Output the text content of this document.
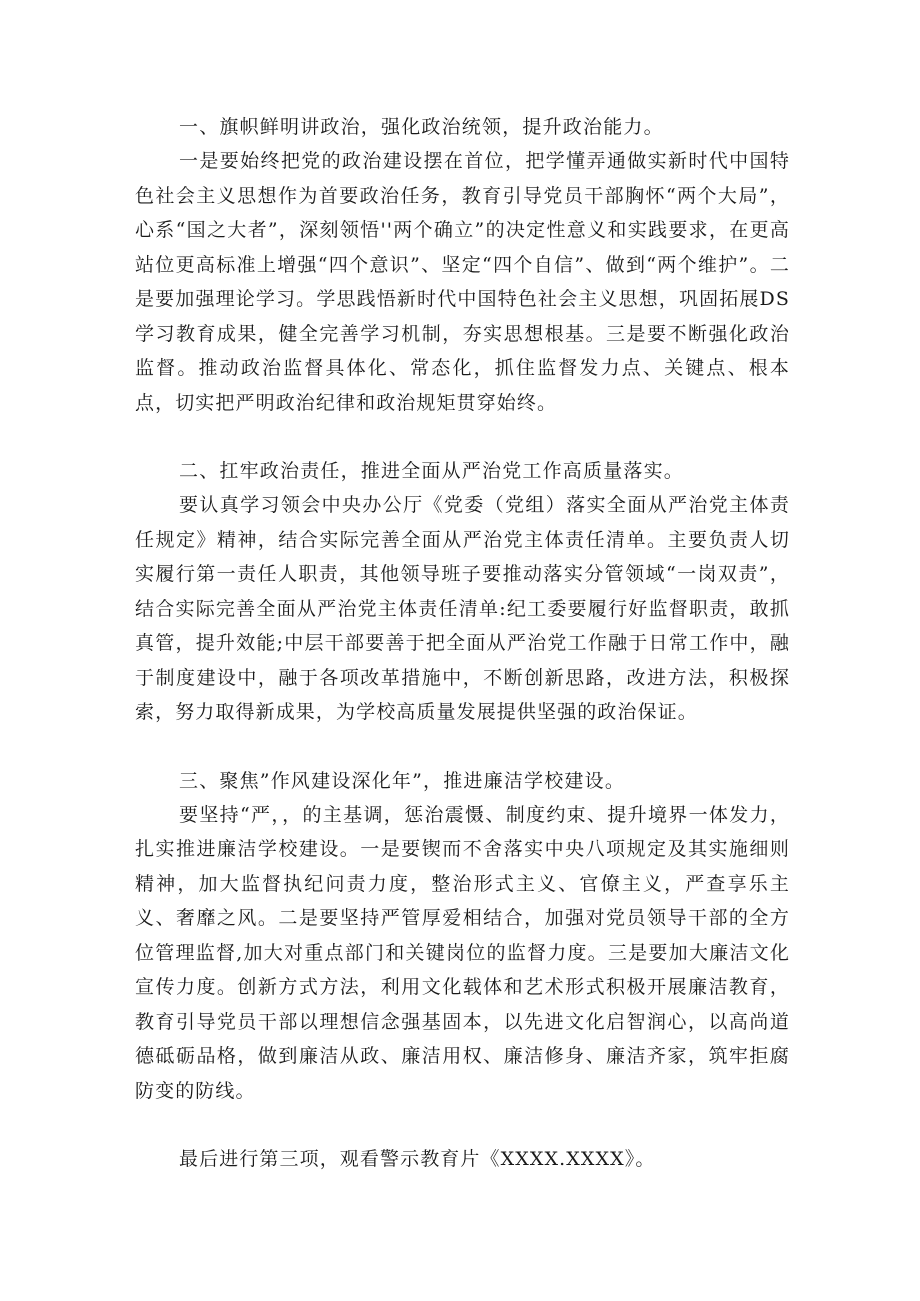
一、旗帜鲜明讲政治，强化政治统领，提升政治能力。

一是要始终把党的政治建设摆在首位，把学懂弄通做实新时代中国特色社会主义思想作为首要政治任务，教育引导党员干部胸怀“两个大局”，心系“国之大者”，深刻领悟''两个确立”的决定性意义和实践要求，在更高站位更高标准上增强“四个意识”、坚定“四个自信”、做到“两个维护”。二是要加强理论学习。学思践悟新时代中国特色社会主义思想，巩固拓展DS学习教育成果，健全完善学习机制，夯实思想根基。三是要不断强化政治监督。推动政治监督具体化、常态化，抓住监督发力点、关键点、根本点，切实把严明政治纪律和政治规矩贯穿始终。

二、扛牢政治责任，推进全面从严治党工作高质量落实。

要认真学习领会中央办公厅《党委（党组）落实全面从严治党主体责任规定》精神，结合实际完善全面从严治党主体责任清单。主要负责人切实履行第一责任人职责，其他领导班子要推动落实分管领域“一岗双责”，结合实际完善全面从严治党主体责任清单:纪工委要履行好监督职责，敢抓真管，提升效能;中层干部要善于把全面从严治党工作融于日常工作中，融于制度建设中，融于各项改革措施中，不断创新思路，改进方法，积极探索，努力取得新成果，为学校高质量发展提供坚强的政治保证。

三、聚焦”作风建设深化年”，推进廉洁学校建设。

要坚持“严，，的主基调，惩治震慑、制度约束、提升境界一体发力，扎实推进廉洁学校建设。一是要锲而不舍落实中央八项规定及其实施细则精神，加大监督执纪问责力度，整治形式主义、官僚主义，严查享乐主义、奢靡之风。二是要坚持严管厚爱相结合，加强对党员领导干部的全方位管理监督,加大对重点部门和关键岗位的监督力度。三是要加大廉洁文化宣传力度。创新方式方法，利用文化载体和艺术形式积极开展廉洁教育，教育引导党员干部以理想信念强基固本，以先进文化启智润心，以高尚道德砥砺品格，做到廉洁从政、廉洁用权、廉洁修身、廉洁齐家，筑牢拒腐防变的防线。

最后进行第三项，观看警示教育片《XXXX.XXXX》。
